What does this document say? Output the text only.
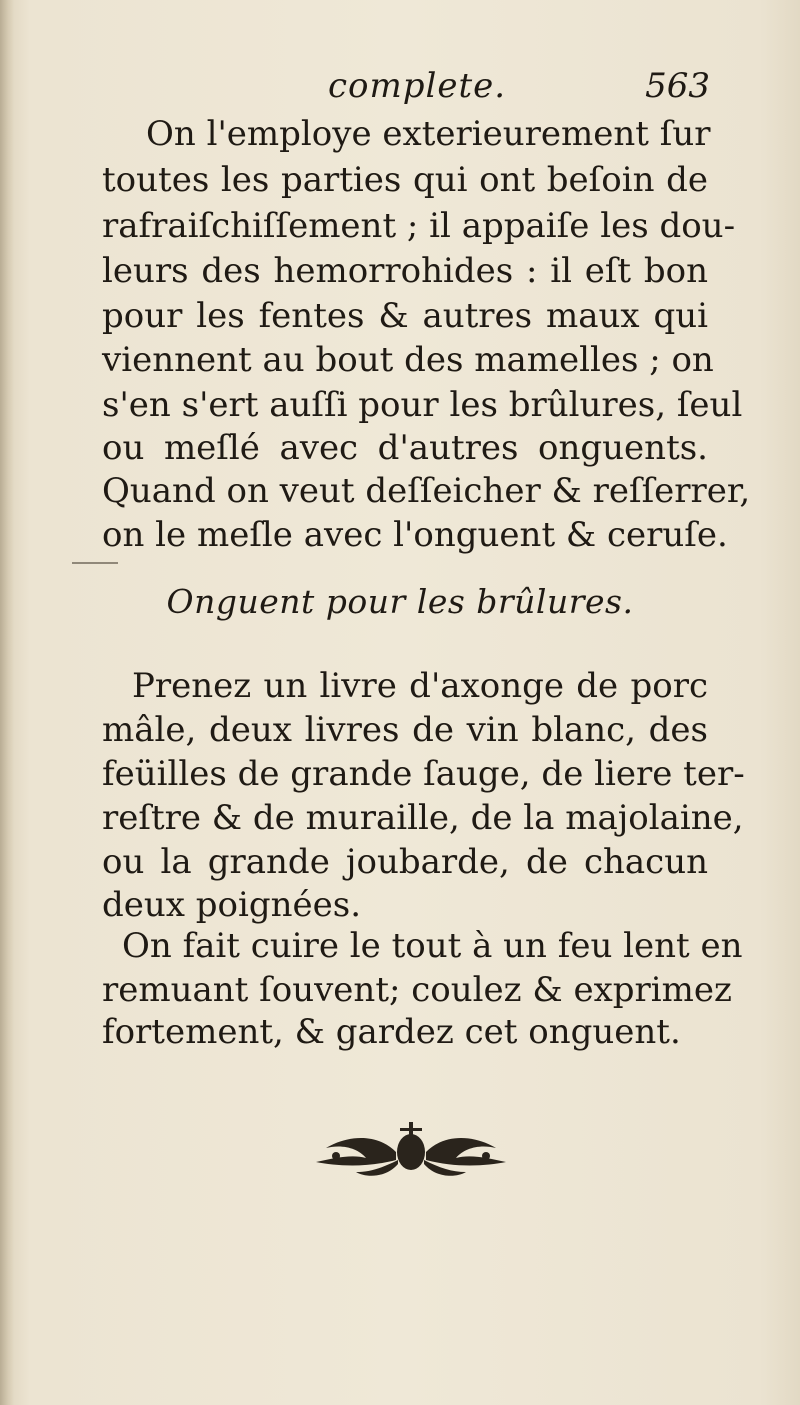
complete.	563
On l'employe exterieurement ſur
toutes les parties qui ont beſoin de
rafraiſchiſſement ; il appaiſe les dou-
leurs des hemorrohides : il eſt bon
pour les fentes & autres maux qui
viennent au bout des mamelles ; on
s'en s'ert auſſi pour les brûlures, ſeul
ou meſlé avec d'autres onguents.
Quand on veut deſſeicher & reſſerrer,
on le meſle avec l'onguent & ceruſe.
Onguent pour les brûlures.
Prenez un livre d'axonge de porc
mâle, deux livres de vin blanc, des
feüilles de grande ſauge, de liere ter-
reſtre & de muraille, de la majolaine,
ou la grande joubarde, de chacun
deux poignées.
On fait cuire le tout à un feu lent en
remuant ſouvent; coulez & exprimez
fortement, & gardez cet onguent.
